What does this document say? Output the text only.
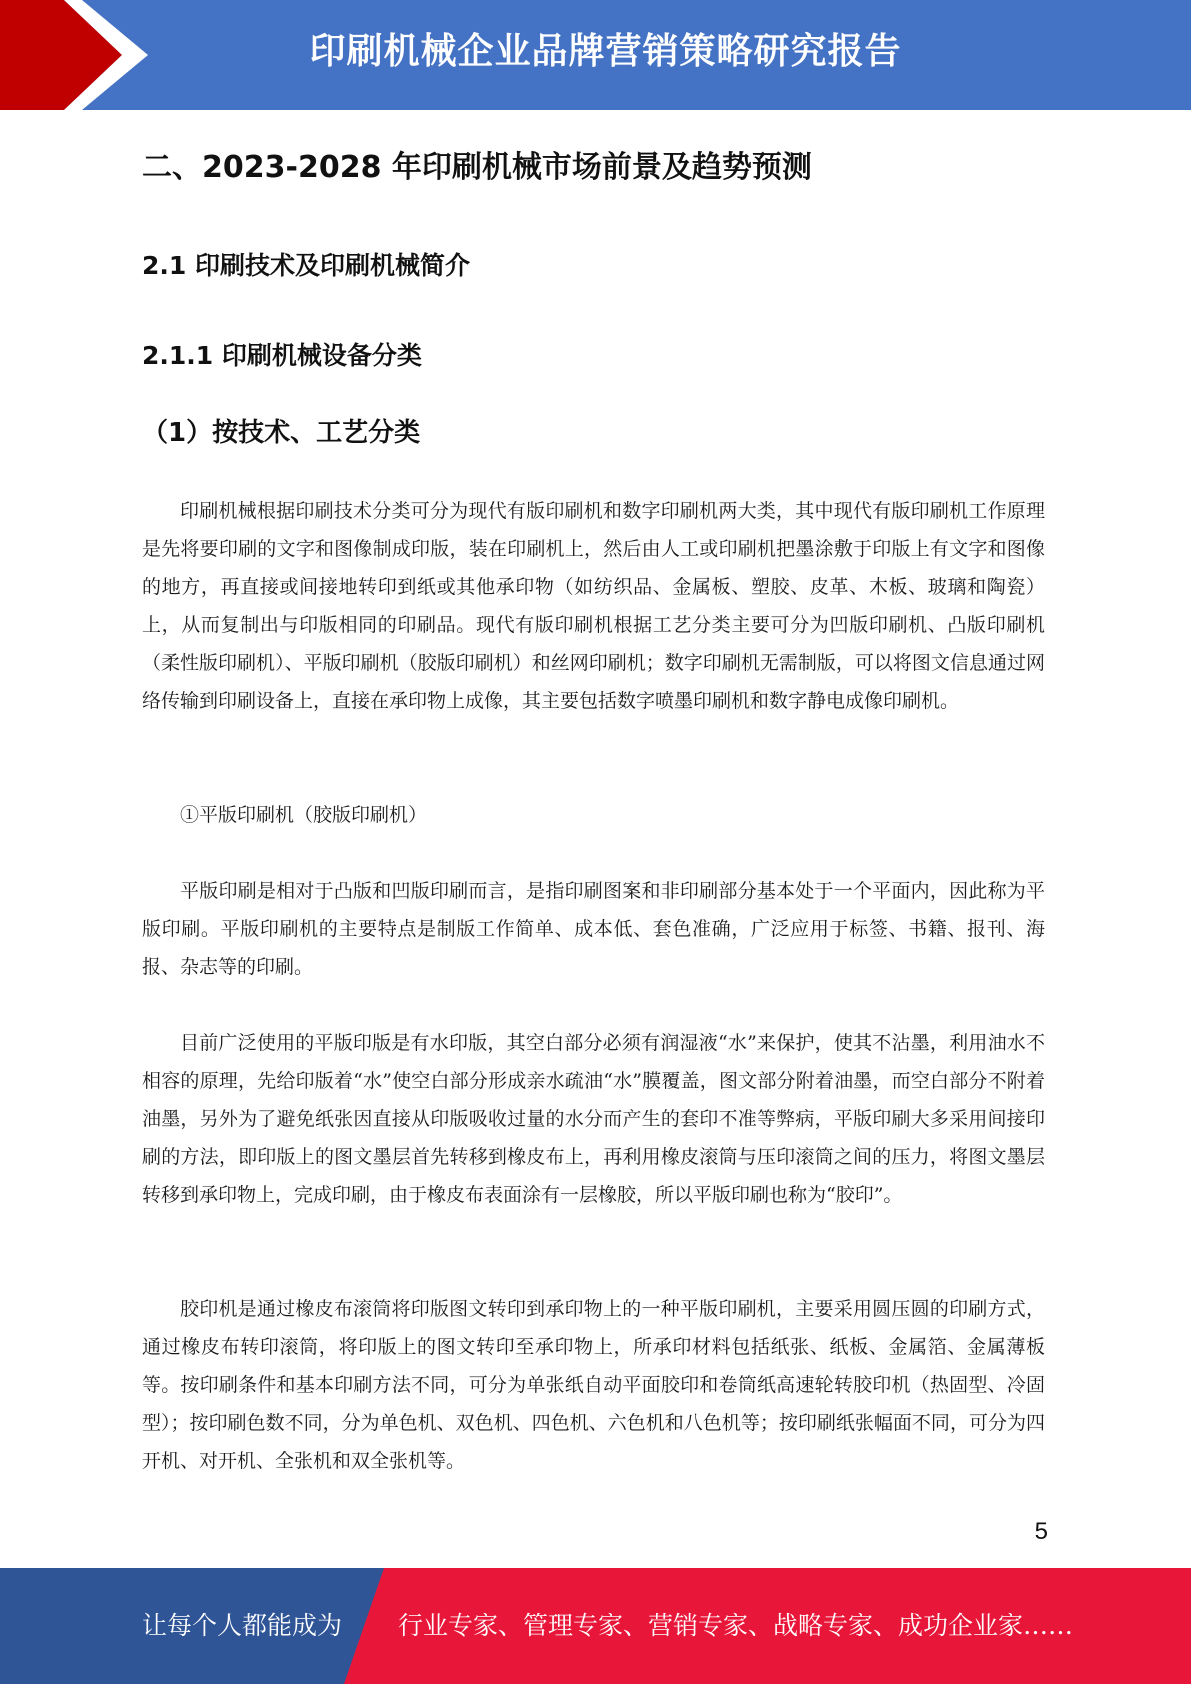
印刷机械企业品牌营销策略研究报告
二、2023-2028 年印刷机械市场前景及趋势预测
2.1 印刷技术及印刷机械简介
2.1.1 印刷机械设备分类
（1）按技术、工艺分类

印刷机械根据印刷技术分类可分为现代有版印刷机和数字印刷机两大类，其中现代有版印刷机工作原理是先将要印刷的文字和图像制成印版，装在印刷机上，然后由人工或印刷机把墨涂敷于印版上有文字和图像的地方，再直接或间接地转印到纸或其他承印物（如纺织品、金属板、塑胶、皮革、木板、玻璃和陶瓷）上，从而复制出与印版相同的印刷品。现代有版印刷机根据工艺分类主要可分为凹版印刷机、凸版印刷机（柔性版印刷机）、平版印刷机（胶版印刷机）和丝网印刷机；数字印刷机无需制版，可以将图文信息通过网络传输到印刷设备上，直接在承印物上成像，其主要包括数字喷墨印刷机和数字静电成像印刷机。

①平版印刷机（胶版印刷机）

平版印刷是相对于凸版和凹版印刷而言，是指印刷图案和非印刷部分基本处于一个平面内，因此称为平版印刷。平版印刷机的主要特点是制版工作简单、成本低、套色准确，广泛应用于标签、书籍、报刊、海报、杂志等的印刷。

目前广泛使用的平版印版是有水印版，其空白部分必须有润湿液“水”来保护，使其不沾墨，利用油水不相容的原理，先给印版着“水”使空白部分形成亲水疏油“水”膜覆盖，图文部分附着油墨，而空白部分不附着油墨，另外为了避免纸张因直接从印版吸收过量的水分而产生的套印不准等弊病，平版印刷大多采用间接印刷的方法，即印版上的图文墨层首先转移到橡皮布上，再利用橡皮滚筒与压印滚筒之间的压力，将图文墨层转移到承印物上，完成印刷，由于橡皮布表面涂有一层橡胶，所以平版印刷也称为“胶印”。

胶印机是通过橡皮布滚筒将印版图文转印到承印物上的一种平版印刷机，主要采用圆压圆的印刷方式，通过橡皮布转印滚筒，将印版上的图文转印至承印物上，所承印材料包括纸张、纸板、金属箔、金属薄板等。按印刷条件和基本印刷方法不同，可分为单张纸自动平面胶印和卷筒纸高速轮转胶印机（热固型、冷固型）；按印刷色数不同，分为单色机、双色机、四色机、六色机和八色机等；按印刷纸张幅面不同，可分为四开机、对开机、全张机和双全张机等。

5
让每个人都能成为 行业专家、管理专家、营销专家、战略专家、成功企业家……
